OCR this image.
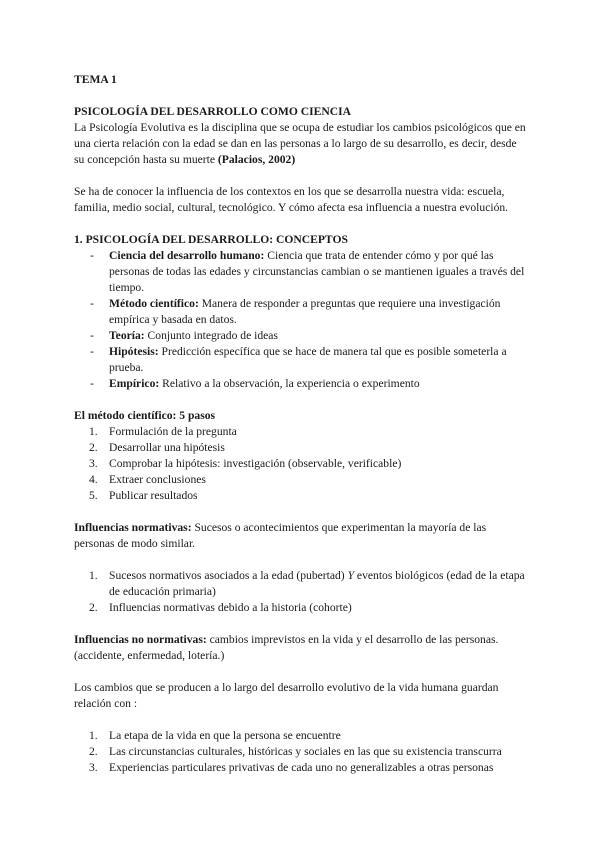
TEMA 1

PSICOLOGÍA DEL DESARROLLO COMO CIENCIA

La Psicología Evolutiva es la disciplina que se ocupa de estudiar los cambios psicológicos que en una cierta relación con la edad se dan en las personas a lo largo de su desarrollo, es decir, desde su concepción hasta su muerte (Palacios, 2002)

Se ha de conocer la influencia de los contextos en los que se desarrolla nuestra vida: escuela, familia, medio social, cultural, tecnológico. Y cómo afecta esa influencia a nuestra evolución.

1. PSICOLOGÍA DEL DESARROLLO: CONCEPTOS

- Ciencia del desarrollo humano: Ciencia que trata de entender cómo y por qué las personas de todas las edades y circunstancias cambian o se mantienen iguales a través del tiempo.
- Método científico: Manera de responder a preguntas que requiere una investigación empírica y basada en datos.
- Teoría: Conjunto integrado de ideas
- Hipótesis: Predicción específica que se hace de manera tal que es posible someterla a prueba.
- Empírico: Relativo a la observación, la experiencia o experimento

El método científico: 5 pasos

1. Formulación de la pregunta
2. Desarrollar una hipótesis
3. Comprobar la hipótesis: investigación (observable, verificable)
4. Extraer conclusiones
5. Publicar resultados

Influencias normativas: Sucesos o acontecimientos que experimentan la mayoría de las personas de modo similar.

1. Sucesos normativos asociados a la edad (pubertad) Y eventos biológicos (edad de la etapa de educación primaria)
2. Influencias normativas debido a la historia (cohorte)

Influencias no normativas: cambios imprevistos en la vida y el desarrollo de las personas. (accidente, enfermedad, lotería.)

Los cambios que se producen a lo largo del desarrollo evolutivo de la vida humana guardan relación con :

1. La etapa de la vida en que la persona se encuentre
2. Las circunstancias culturales, históricas y sociales en las que su existencia transcurra
3. Experiencias particulares privativas de cada uno no generalizables a otras personas
